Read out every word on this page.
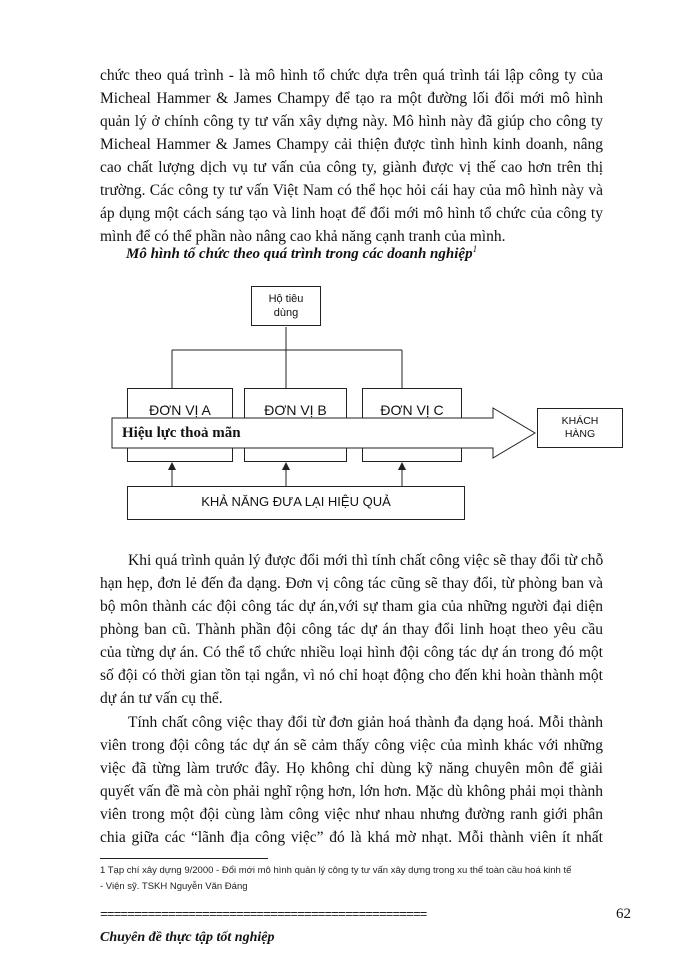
chức theo quá trình - là mô hình tổ chức dựa trên quá trình tái lập công ty của
Micheal Hammer & James Champy để tạo ra một đường lối đổi mới mô hình
quản lý ở chính công ty tư vấn xây dựng này. Mô hình này đã giúp cho công ty
Micheal Hammer & James Champy cải thiện được tình hình kinh doanh, nâng
cao chất lượng dịch vụ tư vấn của công ty, giành được vị thế cao hơn trên thị
trường. Các công ty tư vấn Việt Nam có thể học hỏi cái hay của mô hình này và
áp dụng một cách sáng tạo và linh hoạt để đổi mới mô hình tổ chức của công ty
mình để có thể phần nào nâng cao khả năng cạnh tranh của mình.

Mô hình tổ chức theo quá trình trong các doanh nghiệp$^1$

Hộ tiêu
dùng
ĐƠN VỊ A	ĐƠN VỊ B	ĐƠN VỊ C
Hiệu lực thoả mãn
KHÁCH
HÀNG
KHẢ NĂNG ĐƯA LẠI HIỆU QUẢ
Khi quá trình quản lý được đổi mới thì tính chất công việc sẽ thay đổi từ chỗ
hạn hẹp, đơn lẻ đến đa dạng. Đơn vị công tác cũng sẽ thay đổi, từ phòng ban và
bộ môn thành các đội công tác dự án,với sự tham gia của những người đại diện
phòng ban cũ. Thành phần đội công tác dự án thay đổi linh hoạt theo yêu cầu
của từng dự án. Có thể tổ chức nhiều loại hình đội công tác dự án trong đó một
số đội có thời gian tồn tại ngắn, vì nó chỉ hoạt động cho đến khi hoàn thành một
dự án tư vấn cụ thể.
Tính chất công việc thay đổi từ đơn giản hoá thành đa dạng hoá. Mỗi thành
viên trong đội công tác dự án sẽ cảm thấy công việc của mình khác với những
việc đã từng làm trước đây. Họ không chỉ dùng kỹ năng chuyên môn để giải
quyết vấn đề mà còn phải nghĩ rộng hơn, lớn hơn. Mặc dù không phải mọi thành
viên trong một đội cùng làm công việc như nhau nhưng đường ranh giới phân
chia giữa các “lãnh địa công việc” đó là khá mờ nhạt. Mỗi thành viên ít nhất
1 Tạp chí xây dựng 9/2000 - Đổi mới mô hình quản lý công ty tư vấn xây dựng trong xu thế toàn cầu hoá kinh tế
- Viện sỹ. TSKH Nguyễn Văn Đáng
================================================	62
Chuyên đề thực tập tốt nghiệp
